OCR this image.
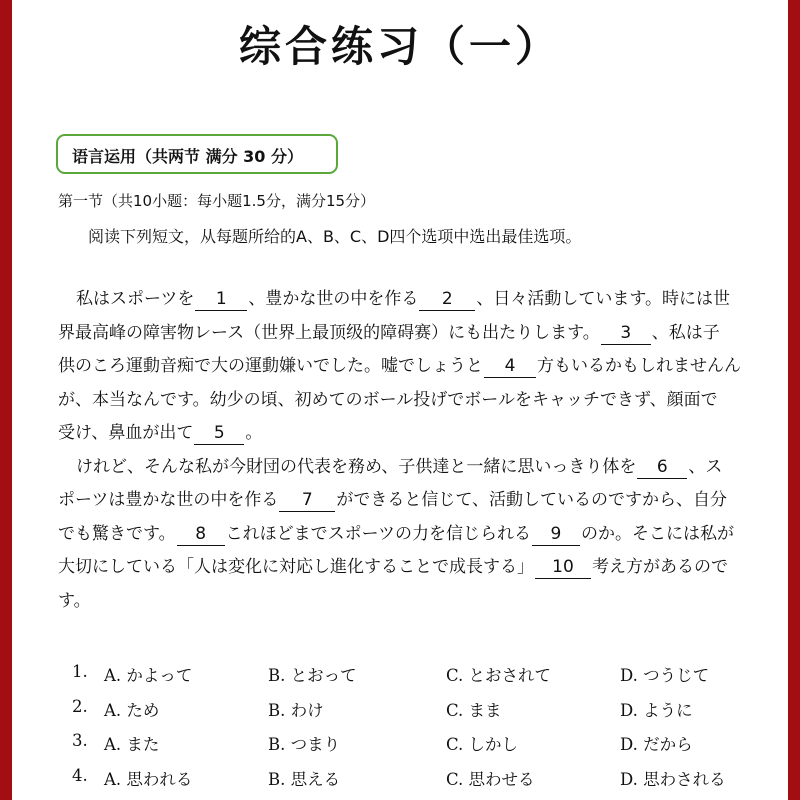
综合练习（一）
语言运用（共两节 满分 30 分）
第一节（共10小题：每小题1.5分，满分15分）
阅读下列短文，从每题所给的A、B、C、D四个选项中选出最佳选项。
私はスポーツを 1 、豊かな世の中を作る 2 、日々活動しています。時には世
界最高峰の障害物レース（世界上最顶级的障碍赛）にも出たりします。 3 、私は子
供のころ運動音痴で大の運動嫌いでした。嘘でしょうと 4 方もいるかもしれませんん
が、本当なんです。幼少の頃、初めてのボール投げでボールをキャッチできず、顔面で
受け、鼻血が出て 5 。
けれど、そんな私が今財団の代表を務め、子供達と一緒に思いっきり体を 6 、ス
ポーツは豊かな世の中を作る 7 ができると信じて、活動しているのですから、自分
でも驚きです。 8 これほどまでスポーツの力を信じられる 9 のか。そこには私が
大切にしている「人は変化に対応し進化することで成長する」 10 考え方があるので
す。
1. A. かよって	B. とおって	C. とおされて	D. つうじて
2. A. ため	B. わけ	C. まま	D. ように
3. A. また	B. つまり	C. しかし	D. だから
4. A. 思われる	B. 思える	C. 思わせる	D. 思わされる
